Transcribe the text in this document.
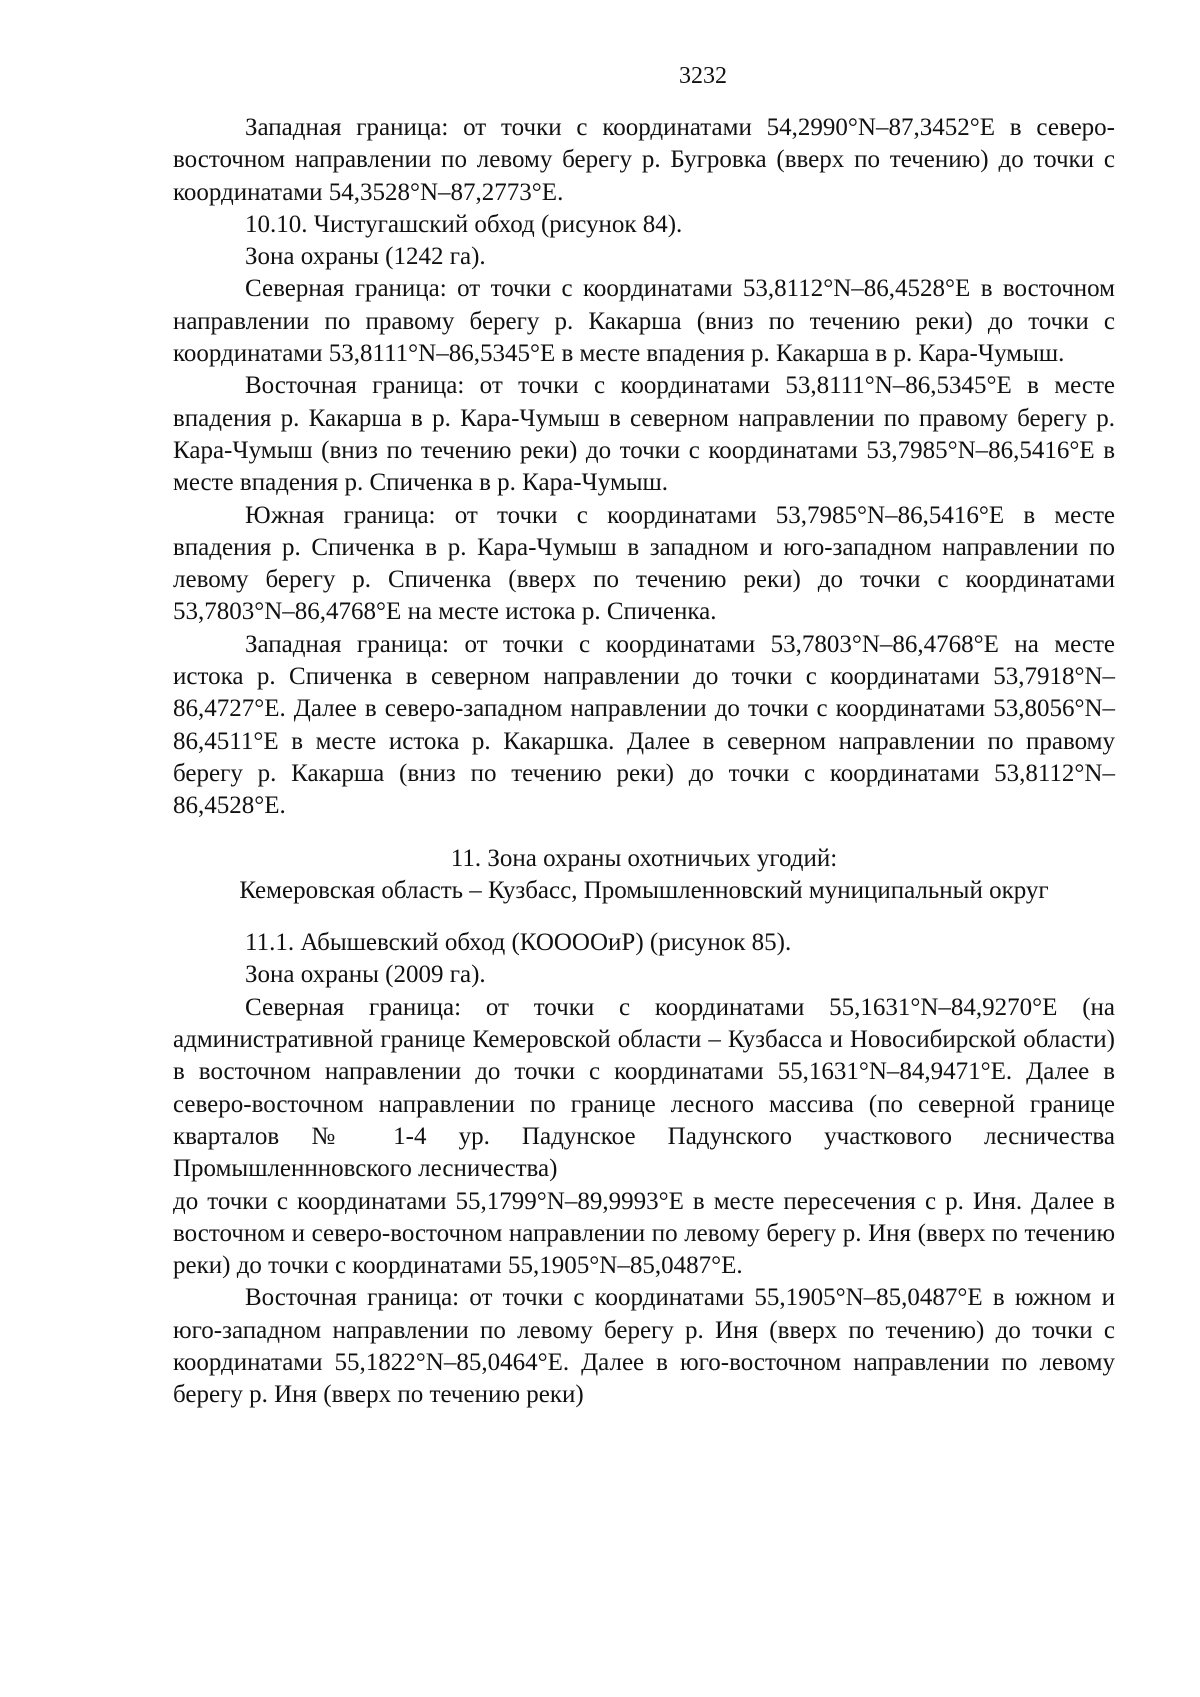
3232

Западная граница: от точки с координатами 54,2990°N–87,3452°E в северо-восточном направлении по левому берегу р. Бугровка (вверх по течению) до точки с координатами 54,3528°N–87,2773°E.

10.10. Чистугашский обход (рисунок 84).

Зона охраны (1242 га).

Северная граница: от точки с координатами 53,8112°N–86,4528°E в восточном направлении по правому берегу р. Какарша (вниз по течению реки) до точки с координатами 53,8111°N–86,5345°E в месте впадения р. Какарша в р. Кара-Чумыш.

Восточная граница: от точки с координатами 53,8111°N–86,5345°E в месте впадения р. Какарша в р. Кара-Чумыш в северном направлении по правому берегу р. Кара-Чумыш (вниз по течению реки) до точки с координатами 53,7985°N–86,5416°E в месте впадения р. Спиченка в р. Кара-Чумыш.

Южная граница: от точки с координатами 53,7985°N–86,5416°E в месте впадения р. Спиченка в р. Кара-Чумыш в западном и юго-западном направлении по левому берегу р. Спиченка (вверх по течению реки) до точки с координатами 53,7803°N–86,4768°E на месте истока р. Спиченка.

Западная граница: от точки с координатами 53,7803°N–86,4768°E на месте истока р. Спиченка в северном направлении до точки с координатами 53,7918°N–86,4727°E. Далее в северо-западном направлении до точки с координатами 53,8056°N–86,4511°E в месте истока р. Какаршка. Далее в северном направлении по правому берегу р. Какарша (вниз по течению реки) до точки с координатами 53,8112°N–86,4528°E.

11. Зона охраны охотничьих угодий:
Кемеровская область – Кузбасс, Промышленновский муниципальный округ

11.1. Абышевский обход (КООООиР) (рисунок 85).

Зона охраны (2009 га).

Северная граница: от точки с координатами 55,1631°N–84,9270°E (на административной границе Кемеровской области – Кузбасса и Новосибирской области) в восточном направлении до точки с координатами 55,1631°N–84,9471°E. Далее в северо-восточном направлении по границе лесного массива (по северной границе кварталов № 1-4 ур. Падунское Падунского участкового лесничества Промышленнновского лесничества)

до точки с координатами 55,1799°N–89,9993°E в месте пересечения с р. Иня. Далее в восточном и северо-восточном направлении по левому берегу р. Иня (вверх по течению реки) до точки с координатами 55,1905°N–85,0487°E.

Восточная граница: от точки с координатами 55,1905°N–85,0487°E в южном и юго-западном направлении по левому берегу р. Иня (вверх по течению) до точки с координатами 55,1822°N–85,0464°E. Далее в юго-восточном направлении по левому берегу р. Иня (вверх по течению реки)
